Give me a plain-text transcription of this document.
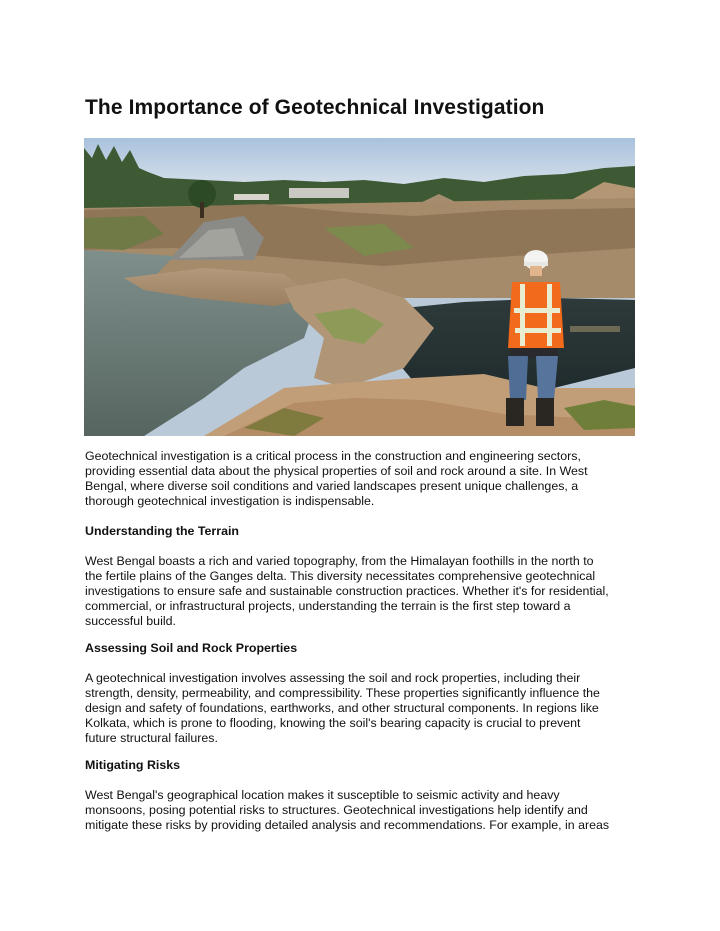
The Importance of Geotechnical Investigation
Geotechnical investigation is a critical process in the construction and engineering sectors,
providing essential data about the physical properties of soil and rock around a site. In West
Bengal, where diverse soil conditions and varied landscapes present unique challenges, a
thorough geotechnical investigation is indispensable.
Understanding the Terrain
West Bengal boasts a rich and varied topography, from the Himalayan foothills in the north to
the fertile plains of the Ganges delta. This diversity necessitates comprehensive geotechnical
investigations to ensure safe and sustainable construction practices. Whether it's for residential,
commercial, or infrastructural projects, understanding the terrain is the first step toward a
successful build.
Assessing Soil and Rock Properties
A geotechnical investigation involves assessing the soil and rock properties, including their
strength, density, permeability, and compressibility. These properties significantly influence the
design and safety of foundations, earthworks, and other structural components. In regions like
Kolkata, which is prone to flooding, knowing the soil's bearing capacity is crucial to prevent
future structural failures.
Mitigating Risks
West Bengal's geographical location makes it susceptible to seismic activity and heavy
monsoons, posing potential risks to structures. Geotechnical investigations help identify and
mitigate these risks by providing detailed analysis and recommendations. For example, in areas
